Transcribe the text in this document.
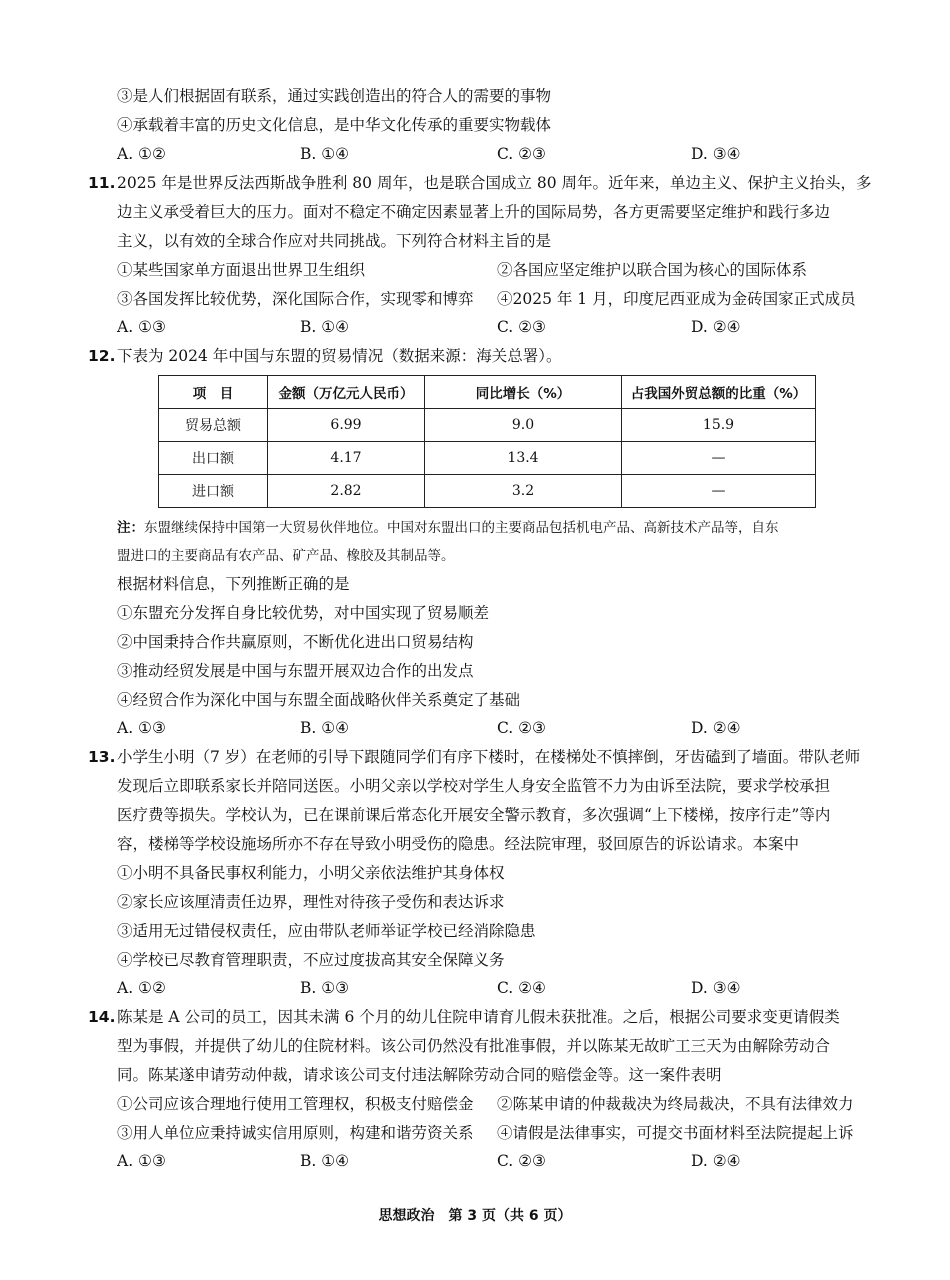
③是人们根据固有联系，通过实践创造出的符合人的需要的事物
④承载着丰富的历史文化信息，是中华文化传承的重要实物载体
A. ①②	B. ①④	C. ②③	D. ③④
11. 2025 年是世界反法西斯战争胜利 80 周年，也是联合国成立 80 周年。近年来，单边主义、保护主义抬头，多
边主义承受着巨大的压力。面对不稳定不确定因素显著上升的国际局势，各方更需要坚定维护和践行多边
主义，以有效的全球合作应对共同挑战。下列符合材料主旨的是
①某些国家单方面退出世界卫生组织	②各国应坚定维护以联合国为核心的国际体系
③各国发挥比较优势，深化国际合作，实现零和博弈 ④2025 年 1 月，印度尼西亚成为金砖国家正式成员
A. ①③	B. ①④	C. ②③	D. ②④
12. 下表为 2024 年中国与东盟的贸易情况（数据来源：海关总署）。
项　目	金额（万亿元人民币）	同比增长（%）	占我国外贸总额的比重（%）
贸易总额	6.99	9.0	15.9
出口额	4.17	13.4	—
进口额	2.82	3.2	—
注：东盟继续保持中国第一大贸易伙伴地位。中国对东盟出口的主要商品包括机电产品、高新技术产品等，自东
盟进口的主要商品有农产品、矿产品、橡胶及其制品等。
根据材料信息，下列推断正确的是
①东盟充分发挥自身比较优势，对中国实现了贸易顺差
②中国秉持合作共赢原则，不断优化进出口贸易结构
③推动经贸发展是中国与东盟开展双边合作的出发点
④经贸合作为深化中国与东盟全面战略伙伴关系奠定了基础
A. ①③	B. ①④	C. ②③	D. ②④
13. 小学生小明（7 岁）在老师的引导下跟随同学们有序下楼时，在楼梯处不慎摔倒，牙齿磕到了墙面。带队老师
发现后立即联系家长并陪同送医。小明父亲以学校对学生人身安全监管不力为由诉至法院，要求学校承担
医疗费等损失。学校认为，已在课前课后常态化开展安全警示教育，多次强调“上下楼梯，按序行走”等内
容，楼梯等学校设施场所亦不存在导致小明受伤的隐患。经法院审理，驳回原告的诉讼请求。本案中
①小明不具备民事权利能力，小明父亲依法维护其身体权
②家长应该厘清责任边界，理性对待孩子受伤和表达诉求
③适用无过错侵权责任，应由带队老师举证学校已经消除隐患
④学校已尽教育管理职责，不应过度拔高其安全保障义务
A. ①②	B. ①③	C. ②④	D. ③④
14. 陈某是 A 公司的员工，因其未满 6 个月的幼儿住院申请育儿假未获批准。之后，根据公司要求变更请假类
型为事假，并提供了幼儿的住院材料。该公司仍然没有批准事假，并以陈某无故旷工三天为由解除劳动合
同。陈某遂申请劳动仲裁，请求该公司支付违法解除劳动合同的赔偿金等。这一案件表明
①公司应该合理地行使用工管理权，积极支付赔偿金 ②陈某申请的仲裁裁决为终局裁决，不具有法律效力
③用人单位应秉持诚实信用原则，构建和谐劳资关系 ④请假是法律事实，可提交书面材料至法院提起上诉
A. ①③	B. ①④	C. ②③	D. ②④
思想政治　第 3 页（共 6 页）
